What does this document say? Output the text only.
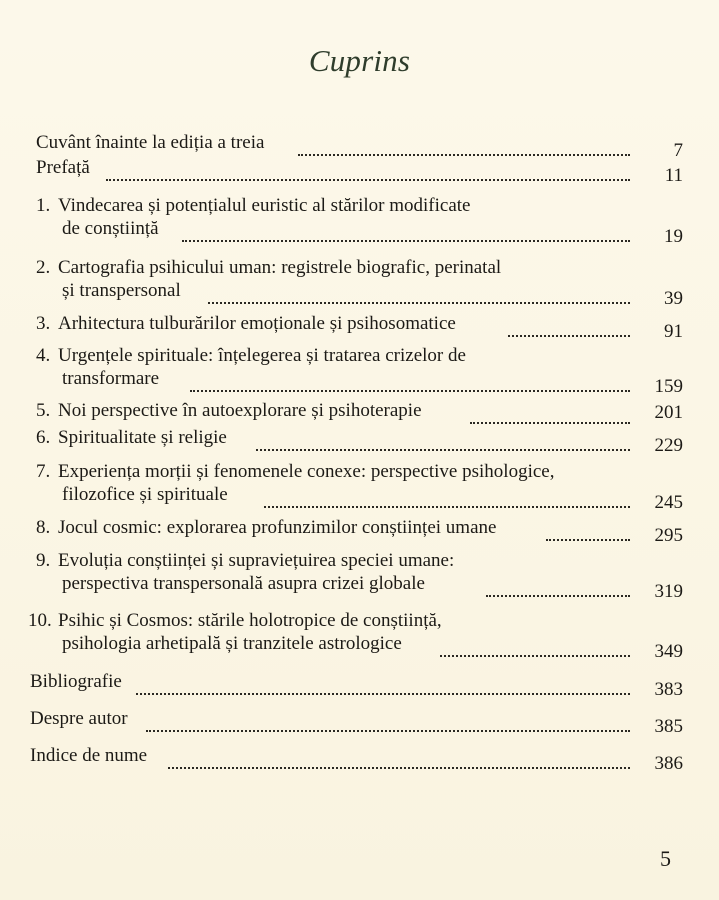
Cuprins
Cuvânt înainte la ediția a treia	7
Prefață	11
1. Vindecarea și potențialul euristic al stărilor modificate
de conștiință	19
2. Cartografia psihicului uman: registrele biografic, perinatal
și transpersonal	39
3. Arhitectura tulburărilor emoționale și psihosomatice	91
4. Urgențele spirituale: înțelegerea și tratarea crizelor de
transformare	159
5. Noi perspective în autoexplorare și psihoterapie	201
6. Spiritualitate și religie	229
7. Experiența morții și fenomenele conexe: perspective psihologice,
filozofice și spirituale	245
8. Jocul cosmic: explorarea profunzimilor conștiinței umane	295
9. Evoluția conștiinței și supraviețuirea speciei umane:
perspectiva transpersonală asupra crizei globale	319
10. Psihic și Cosmos: stările holotropice de conștiință,
psihologia arhetipală și tranzitele astrologice	349
Bibliografie	383
Despre autor	385
Indice de nume	386
5
